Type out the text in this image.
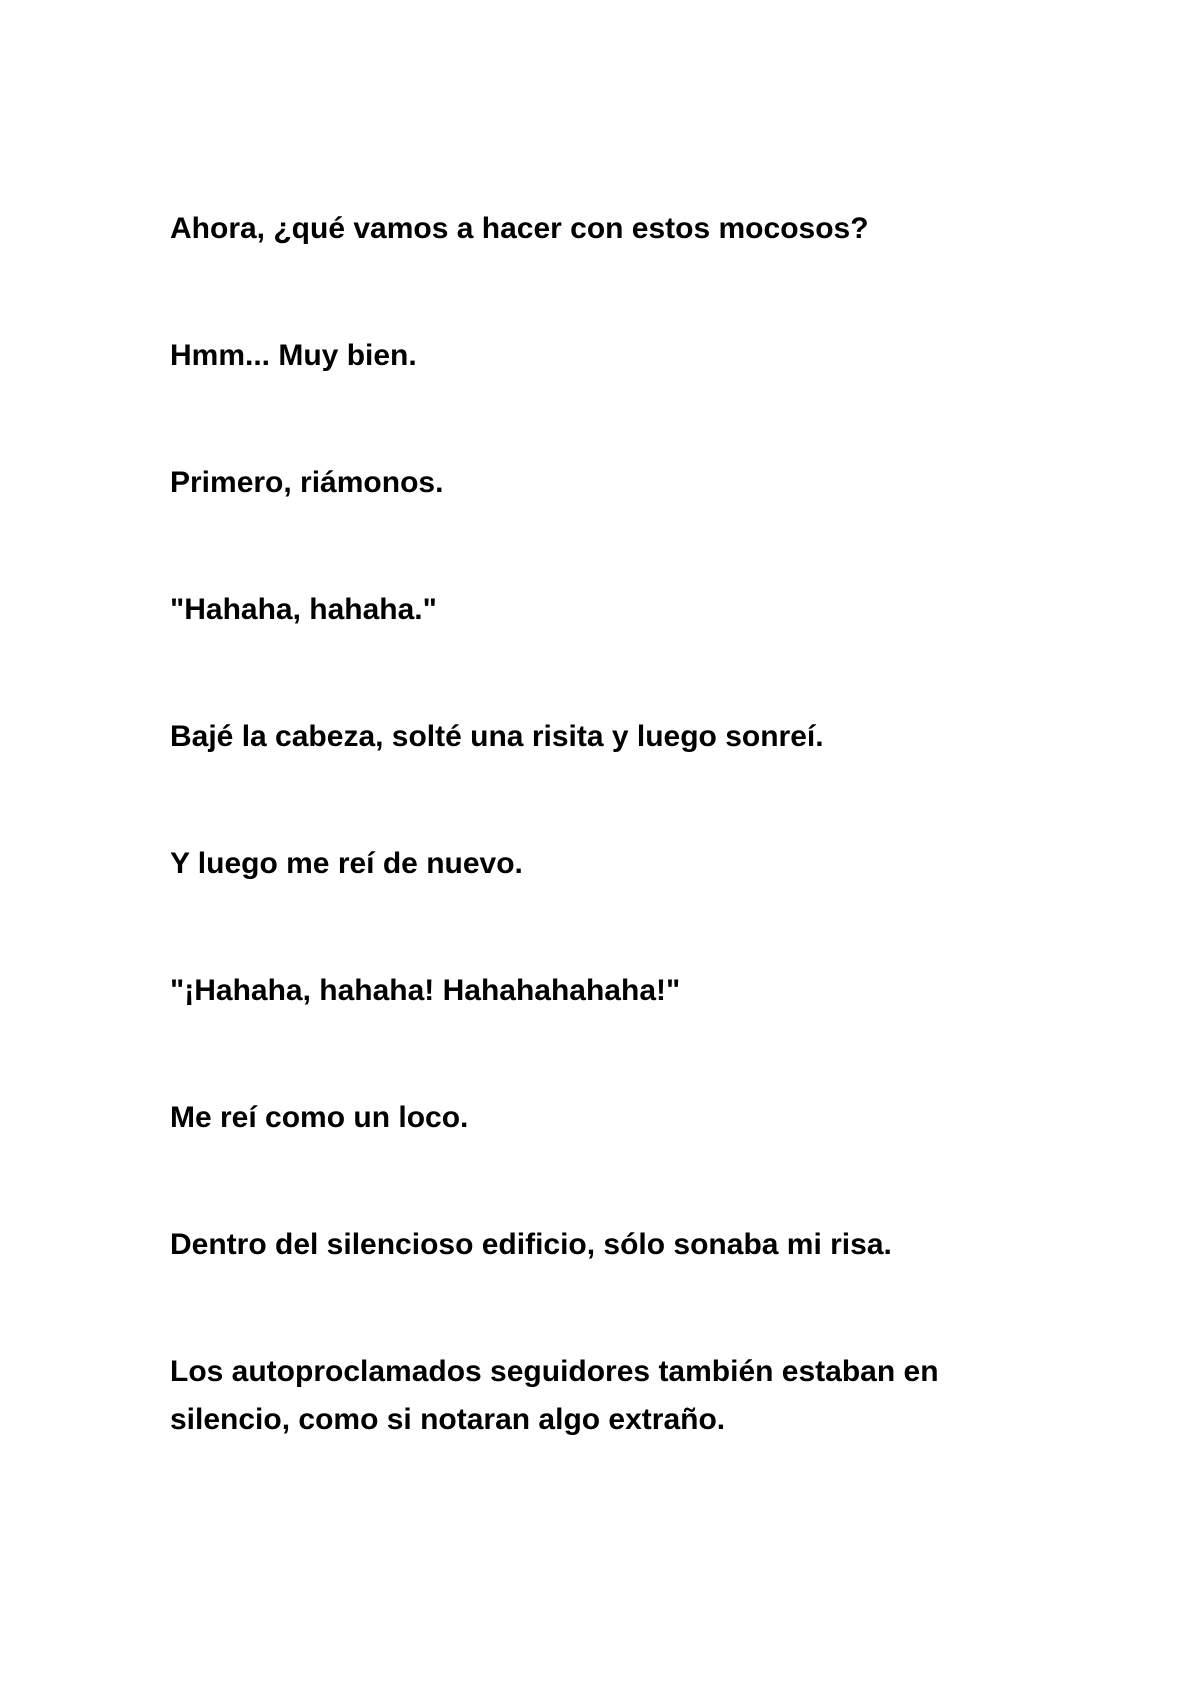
Ahora, ¿qué vamos a hacer con estos mocosos?

Hmm... Muy bien.

Primero, riámonos.

"Hahaha, hahaha."

Bajé la cabeza, solté una risita y luego sonreí.

Y luego me reí de nuevo.

"¡Hahaha, hahaha! Hahahahahaha!"

Me reí como un loco.

Dentro del silencioso edificio, sólo sonaba mi risa.

Los autoproclamados seguidores también estaban en silencio, como si notaran algo extraño.
